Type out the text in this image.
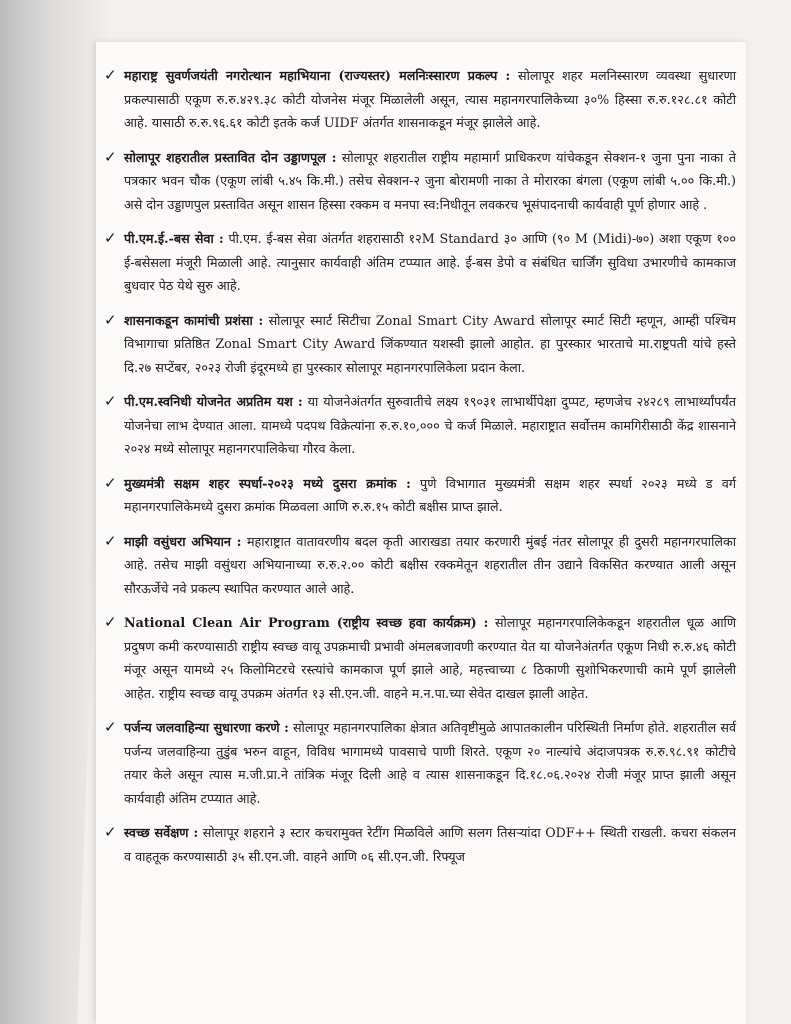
✓ महाराष्ट्र सुवर्णजयंती नगरोत्थान महाभियाना (राज्यस्तर) मलनिःस्सारण प्रकल्प : सोलापूर शहर मलनिस्सारण व्यवस्था सुधारणा प्रकल्पासाठी एकूण रु.रु.४२९.३८ कोटी योजनेस मंजूर मिळालेली असून, त्यास महानगरपालिकेच्या ३०% हिस्सा रु.रु.१२८.८१ कोटी आहे. यासाठी रु.रु.९६.६१ कोटी इतके कर्ज UIDF अंतर्गत शासनाकडून मंजूर झालेले आहे.
✓ सोलापूर शहरातील प्रस्तावित दोन उड्डाणपूल : सोलापूर शहरातील राष्ट्रीय महामार्ग प्राधिकरण यांचेकडून सेक्शन-१ जुना पुना नाका ते पत्रकार भवन चौक (एकूण लांबी ५.४५ कि.मी.) तसेच सेक्शन-२ जुना बोरामणी नाका ते मोरारका बंगला (एकूण लांबी ५.०० कि.मी.) असे दोन उड्डाणपुल प्रस्तावित असून शासन हिस्सा रक्कम व मनपा स्व:निधीतून लवकरच भूसंपादनाची कार्यवाही पूर्ण होणार आहे .
✓ पी.एम.ई.-बस सेवा : पी.एम. ई-बस सेवा अंतर्गत शहरासाठी १२M Standard ३० आणि (९० M (Midi)-७०) अशा एकूण १०० ई-बसेसला मंजूरी मिळाली आहे. त्यानुसार कार्यवाही अंतिम टप्प्यात आहे. ई-बस डेपो व संबंधित चार्जिंग सुविधा उभारणीचे कामकाज बुधवार पेठ येथे सुरु आहे.
✓ शासनाकडून कामांची प्रशंसा : सोलापूर स्मार्ट सिटीचा Zonal Smart City Award सोलापूर स्मार्ट सिटी म्हणून, आम्ही पश्चिम विभागाचा प्रतिष्ठित Zonal Smart City Award जिंकण्यात यशस्वी झालो आहोत. हा पुरस्कार भारताचे मा.राष्ट्रपती यांचे हस्ते दि.२७ सप्टेंबर, २०२३ रोजी इंदूरमध्ये हा पुरस्कार सोलापूर महानगरपालिकेला प्रदान केला.
✓ पी.एम.स्वनिधी योजनेत अप्रतिम यश : या योजनेअंतर्गत सुरुवातीचे लक्ष्य १९०३१ लाभार्थीपेक्षा दुप्पट, म्हणजेच २४२८९ लाभार्थ्यांपर्यंत योजनेचा लाभ देण्यात आला. यामध्ये पदपथ विक्रेत्यांना रु.रु.१०,००० चे कर्ज मिळाले. महाराष्ट्रात सर्वोत्तम कामगिरीसाठी केंद्र शासनाने २०२४ मध्ये सोलापूर महानगरपालिकेचा गौरव केला.
✓ मुख्यमंत्री सक्षम शहर स्पर्धा-२०२३ मध्ये दुसरा क्रमांक : पुणे विभागात मुख्यमंत्री सक्षम शहर स्पर्धा २०२३ मध्ये ड वर्ग महानगरपालिकेमध्ये दुसरा क्रमांक मिळवला आणि रु.रु.१५ कोटी बक्षीस प्राप्त झाले.
✓ माझी वसुंधरा अभियान : महाराष्ट्रात वातावरणीय बदल कृती आराखडा तयार करणारी मुंबई नंतर सोलापूर ही दुसरी महानगरपालिका आहे. तसेच माझी वसुंधरा अभियानाच्या रु.रु.२.०० कोटी बक्षीस रक्कमेतून शहरातील तीन उद्याने विकसित करण्यात आली असून सौरऊर्जेचे नवे प्रकल्प स्थापित करण्यात आले आहे.
✓ National Clean Air Program (राष्ट्रीय स्वच्छ हवा कार्यक्रम) : सोलापूर महानगरपालिकेकडून शहरातील धूळ आणि प्रदुषण कमी करण्यासाठी राष्ट्रीय स्वच्छ वायू उपक्रमाची प्रभावी अंमलबजावणी करण्यात येत या योजनेअंतर्गत एकूण निधी रु.रु.४६ कोटी मंजूर असून यामध्ये २५ किलोमिटरचे रस्त्यांचे कामकाज पूर्ण झाले आहे, महत्त्वाच्या ८ ठिकाणी सुशोभिकरणाची कामे पूर्ण झालेली आहेत. राष्ट्रीय स्वच्छ वायू उपक्रम अंतर्गत १३ सी.एन.जी. वाहने म.न.पा.च्या सेवेत दाखल झाली आहेत.
✓ पर्जन्य जलवाहिन्या सुधारणा करणे : सोलापूर महानगरपालिका क्षेत्रात अतिवृष्टीमुळे आपातकालीन परिस्थिती निर्माण होते. शहरातील सर्व पर्जन्य जलवाहिन्या तुडुंब भरुन वाहून, विविध भागामध्ये पावसाचे पाणी शिरते. एकूण २० नाल्यांचे अंदाजपत्रक रु.रु.९८.९१ कोटीचे तयार केले असून त्यास म.जी.प्रा.ने तांत्रिक मंजूर दिली आहे व त्यास शासनाकडून दि.१८.०६.२०२४ रोजी मंजूर प्राप्त झाली असून कार्यवाही अंतिम टप्प्यात आहे.
✓ स्वच्छ सर्वेक्षण : सोलापूर शहराने ३ स्टार कचरामुक्त रेटींग मिळविले आणि सलग तिसऱ्यांदा ODF++ स्थिती राखली. कचरा संकलन व वाहतूक करण्यासाठी ३५ सी.एन.जी. वाहने आणि ०६ सी.एन.जी. रिफ्यूज
